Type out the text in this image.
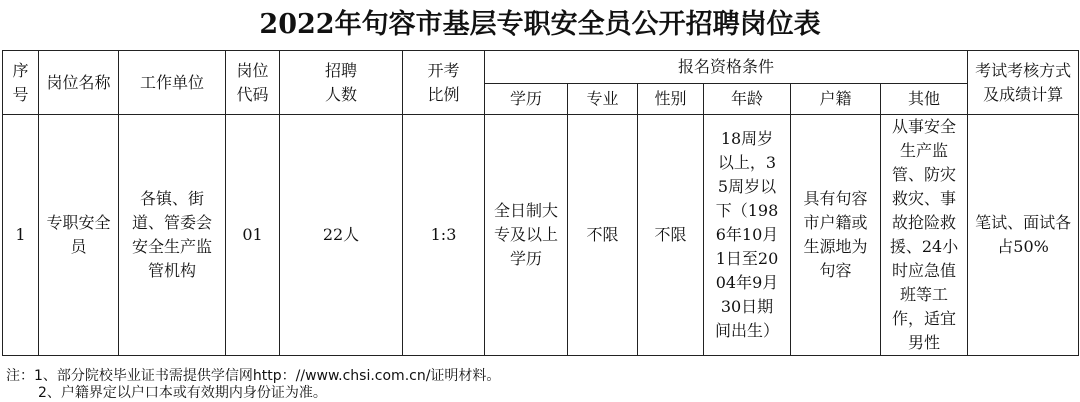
2022年句容市基层专职安全员公开招聘岗位表
序号	岗位名称	工作单位	岗位代码	招聘人数	开考比例	报名资格条件						考试考核方式及成绩计算
						学历	专业	性别	年龄	户籍	其他	
1	专职安全员	各镇、街道、管委会安全生产监管机构	01	22人	1:3	全日制大专及以上学历	不限	不限	18周岁以上，35周岁以下（1986年10月1日至2004年9月30日期间出生）	具有句容市户籍或生源地为句容	从事安全生产监管、防灾救灾、事故抢险救援、24小时应急值班等工作，适宜男性	笔试、面试各占50%
注：1、部分院校毕业证书需提供学信网http：//www.chsi.com.cn/证明材料。
2、户籍界定以户口本或有效期内身份证为准。
